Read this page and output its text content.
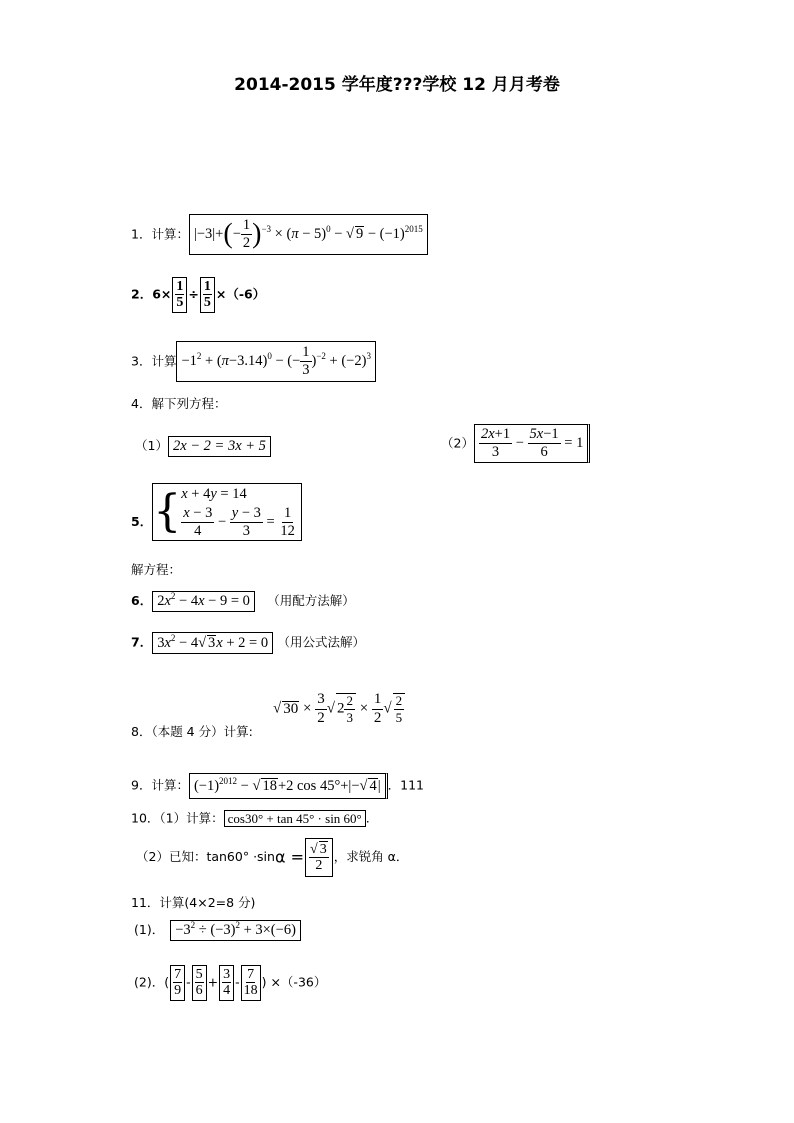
2014-2015 学年度???学校 12 月月考卷
1．计算： $|-3|+(- \frac{1}{2} )^{-3} \times (\pi - 5)^0$ − √ $9 - (-1)^{2015}$
2．$6\times \frac{1}{5} \div \frac{1}{5} \times(-6)$
3．计算 $-1^2 + (\pi-3.14)^0$ − (− $\frac{1}{3} )^{-2} + (-2)^3$
4．解下列方程：
（1） 2x − 2 = 3x + 5	$(2) \frac{2x+1}{3} - \frac{5x-1}{6} = 1$
5． { x + 4y = 14
$\frac{x - 3}{4} - \frac{y - 3}{3} = \frac{1}{12}$
解方程：
6． $2x^2 - 4x - 9 = 0$ （用配方法解）
7． $3x^2 - 4√$ 3x + 2 = 0 （用公式法解）
√ $30 \times \frac{3}{2}$ √ $2 \frac{2}{3} \times \frac{1}{2}$ √ $\frac{2}{5}$
8．（本题 4 分）计算:
9．计算： $(-1)^{2012}$ − √ 18+2 cos 45°+|−√ 4| ．111
10．（1）计算： cos30° + tan 45° · sin 60° .
（2）已知：$\tan 60^\circ \cdot\sin\alpha = \frac{√ 3}{2}$ ，求锐角 α．
11．计算(4×2=8 分)
(1)． $-3^2 \div (-3)^2 + 3\times(-6)$
(2)．( $\frac{7}{9} - \frac{5}{6} + \frac{3}{4} - \frac{7}{18}$ ) ×（-36）
